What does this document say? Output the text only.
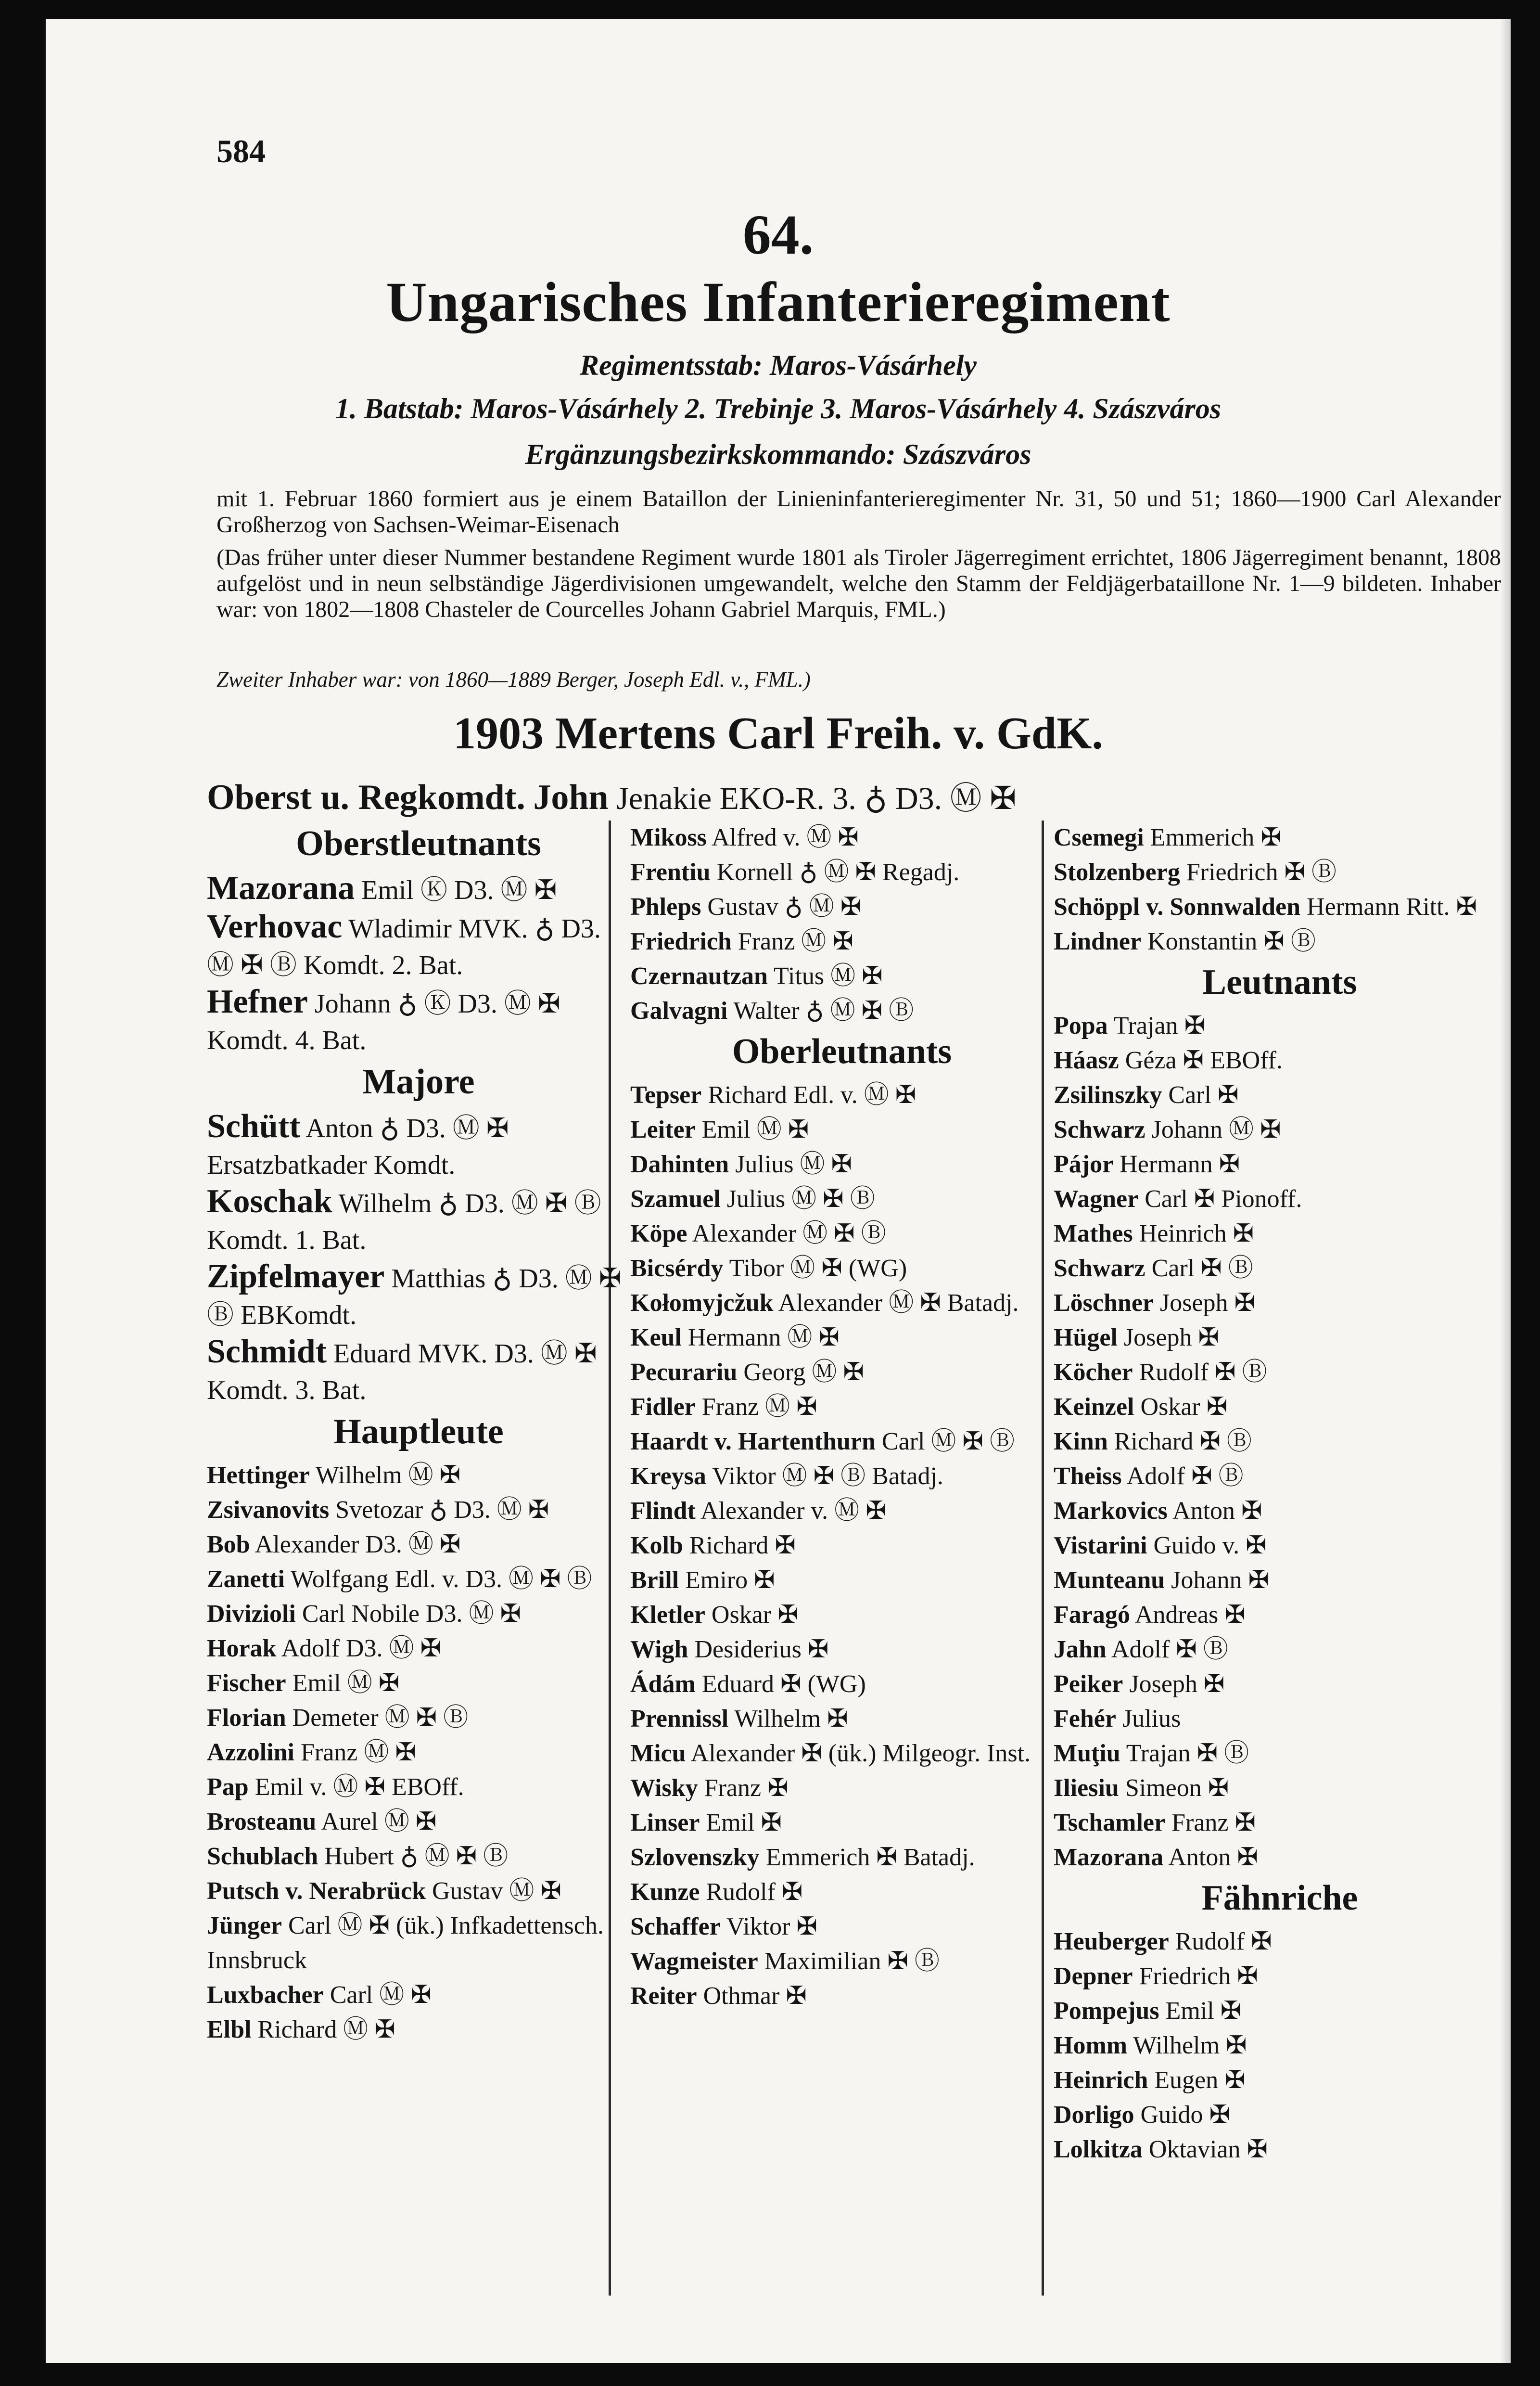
584
64.
Ungarisches Infanterieregiment
Regimentsstab: Maros-Vásárhely
1. Batstab: Maros-Vásárhely 2. Trebinje 3. Maros-Vásárhely 4. Szászváros
Ergänzungsbezirkskommando: Szászváros
mit 1. Februar 1860 formiert aus je einem Bataillon der Linieninfanterieregimenter Nr. 31, 50 und 51; 1860—1900 Carl Alexander Großherzog von Sachsen-Weimar-Eisenach
(Das früher unter dieser Nummer bestandene Regiment wurde 1801 als Tiroler Jägerregiment errichtet, 1806 Jägerregiment benannt, 1808 aufgelöst und in neun selbständige Jägerdivisionen umgewandelt, welche den Stamm der Feldjägerbataillone Nr. 1—9 bildeten. Inhaber war: von 1802—1808 Chasteler de Courcelles Johann Gabriel Marquis, FML.)
Zweiter Inhaber war: von 1860—1889 Berger, Joseph Edl. v., FML.)
1903 Mertens Carl Freih. v. GdK.
Oberst u. Regkomdt. John Jenakie EKO-R. 3. ♁ D3. Ⓜ ✠
Oberstleutnants
Mazorana Emil Ⓚ D3. Ⓜ ✠
Verhovac Wladimir MVK. ♁ D3. Ⓜ ✠ Ⓑ Komdt. 2. Bat.
Hefner Johann ♁ Ⓚ D3. Ⓜ ✠ Komdt. 4. Bat.
Majore
Schütt Anton ♁ D3. Ⓜ ✠ Ersatzbatkader Komdt.
Koschak Wilhelm ♁ D3. Ⓜ ✠ Ⓑ Komdt. 1. Bat.
Zipfelmayer Matthias ♁ D3. Ⓜ ✠ Ⓑ EBKomdt.
Schmidt Eduard MVK. D3. Ⓜ ✠ Komdt. 3. Bat.
Hauptleute
Hettinger Wilhelm Ⓜ ✠
Zsivanovits Svetozar ♁ D3. Ⓜ ✠
Bob Alexander D3. Ⓜ ✠
Zanetti Wolfgang Edl. v. D3. Ⓜ ✠ Ⓑ
Divizioli Carl Nobile D3. Ⓜ ✠
Horak Adolf D3. Ⓜ ✠
Fischer Emil Ⓜ ✠
Florian Demeter Ⓜ ✠ Ⓑ
Azzolini Franz Ⓜ ✠
Pap Emil v. Ⓜ ✠ EBOff.
Brosteanu Aurel Ⓜ ✠
Schublach Hubert ♁ Ⓜ ✠ Ⓑ
Putsch v. Nerabrück Gustav Ⓜ ✠
Jünger Carl Ⓜ ✠ (ük.) Infkadettensch. Innsbruck
Luxbacher Carl Ⓜ ✠
Elbl Richard Ⓜ ✠
Mikoss Alfred v. Ⓜ ✠
Frentiu Kornell ♁ Ⓜ ✠ Regadj.
Phleps Gustav ♁ Ⓜ ✠
Friedrich Franz Ⓜ ✠
Czernautzan Titus Ⓜ ✠
Galvagni Walter ♁ Ⓜ ✠ Ⓑ
Oberleutnants
Tepser Richard Edl. v. Ⓜ ✠
Leiter Emil Ⓜ ✠
Dahinten Julius Ⓜ ✠
Szamuel Julius Ⓜ ✠ Ⓑ
Köpe Alexander Ⓜ ✠ Ⓑ
Bicsérdy Tibor Ⓜ ✠ (WG)
Kołomyjcžuk Alexander Ⓜ ✠ Batadj.
Keul Hermann Ⓜ ✠
Pecurariu Georg Ⓜ ✠
Fidler Franz Ⓜ ✠
Haardt v. Hartenthurn Carl Ⓜ ✠ Ⓑ
Kreysa Viktor Ⓜ ✠ Ⓑ Batadj.
Flindt Alexander v. Ⓜ ✠
Kolb Richard ✠
Brill Emiro ✠
Kletler Oskar ✠
Wigh Desiderius ✠
Ádám Eduard ✠ (WG)
Prennissl Wilhelm ✠
Micu Alexander ✠ (ük.) Milgeogr. Inst.
Wisky Franz ✠
Linser Emil ✠
Szlovenszky Emmerich ✠ Batadj.
Kunze Rudolf ✠
Schaffer Viktor ✠
Wagmeister Maximilian ✠ Ⓑ
Reiter Othmar ✠
Csemegi Emmerich ✠
Stolzenberg Friedrich ✠ Ⓑ
Schöppl v. Sonnwalden Hermann Ritt. ✠
Lindner Konstantin ✠ Ⓑ
Leutnants
Popa Trajan ✠
Háasz Géza ✠ EBOff.
Zsilinszky Carl ✠
Schwarz Johann Ⓜ ✠
Pájor Hermann ✠
Wagner Carl ✠ Pionoff.
Mathes Heinrich ✠
Schwarz Carl ✠ Ⓑ
Löschner Joseph ✠
Hügel Joseph ✠
Köcher Rudolf ✠ Ⓑ
Keinzel Oskar ✠
Kinn Richard ✠ Ⓑ
Theiss Adolf ✠ Ⓑ
Markovics Anton ✠
Vistarini Guido v. ✠
Munteanu Johann ✠
Faragó Andreas ✠
Jahn Adolf ✠ Ⓑ
Peiker Joseph ✠
Fehér Julius
Muţiu Trajan ✠ Ⓑ
Iliesiu Simeon ✠
Tschamler Franz ✠
Mazorana Anton ✠
Fähnriche
Heuberger Rudolf ✠
Depner Friedrich ✠
Pompejus Emil ✠
Homm Wilhelm ✠
Heinrich Eugen ✠
Dorligo Guido ✠
Lolkitza Oktavian ✠
